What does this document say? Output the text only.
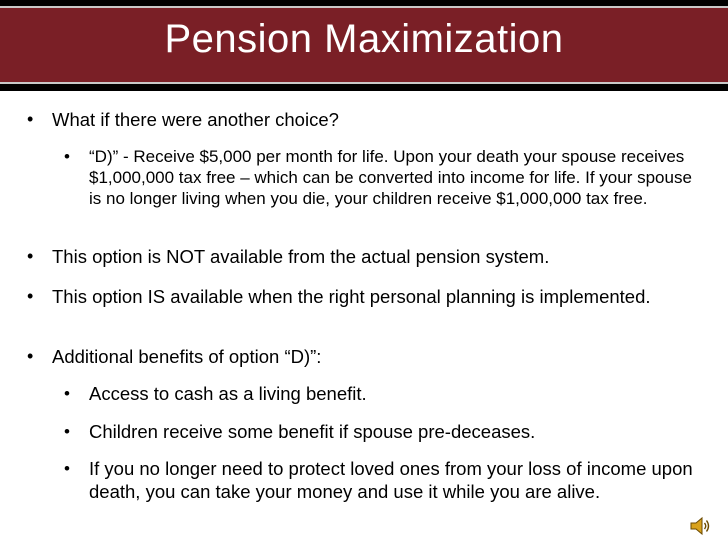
Pension Maximization
• What if there were another choice?
• “D)” - Receive $5,000 per month for life. Upon your death your spouse receives $1,000,000 tax free – which can be converted into income for life. If your spouse is no longer living when you die, your children receive $1,000,000 tax free.
• This option is NOT available from the actual pension system.
• This option IS available when the right personal planning is implemented.
• Additional benefits of option “D)”:
• Access to cash as a living benefit.
• Children receive some benefit if spouse pre-deceases.
• If you no longer need to protect loved ones from your loss of income upon death, you can take your money and use it while you are alive.
